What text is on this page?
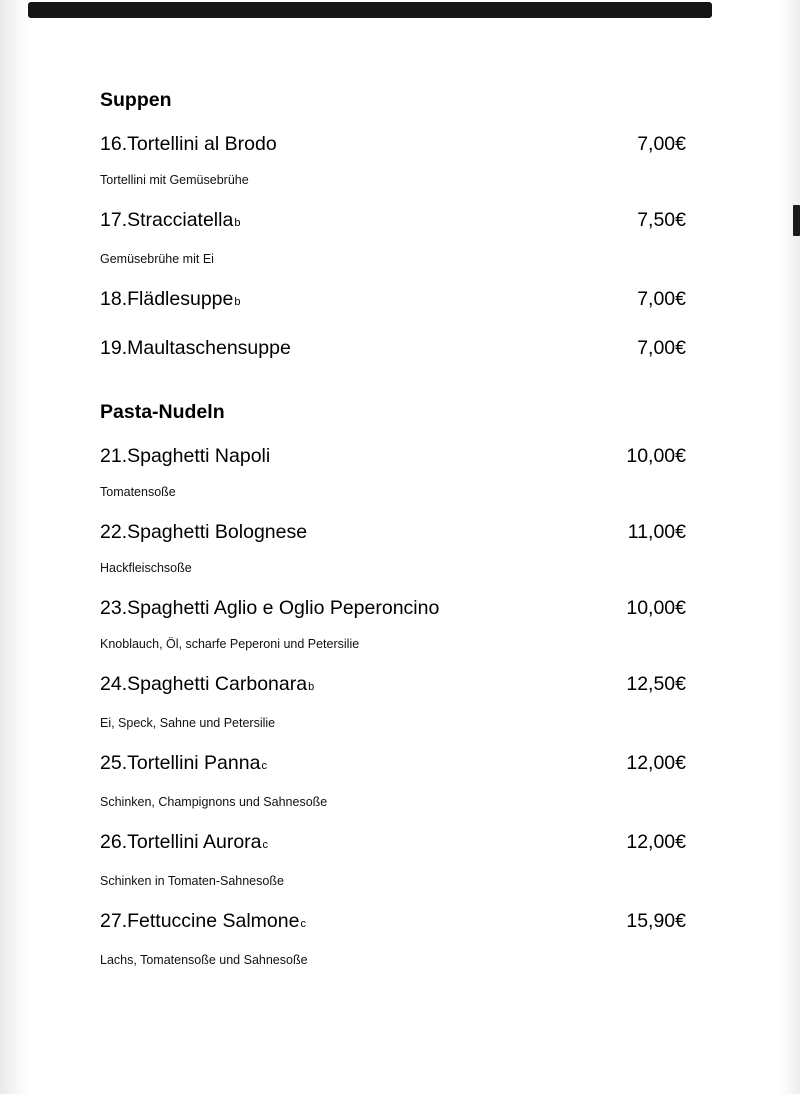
Suppen
16.Tortellini al Brodo	7,00€
Tortellini mit Gemüsebrühe
17.Stracciatellab	7,50€
Gemüsebrühe mit Ei
18.Flädlesuppeb	7,00€
19.Maultaschensuppe	7,00€
Pasta-Nudeln
21.Spaghetti Napoli	10,00€
Tomatensoße
22.Spaghetti Bolognese	11,00€
Hackfleischsoße
23.Spaghetti Aglio e Oglio Peperoncino	10,00€
Knoblauch, Öl, scharfe Peperoni und Petersilie
24.Spaghetti Carbonarab	12,50€
Ei, Speck, Sahne und Petersilie
25.Tortellini Pannac	12,00€
Schinken, Champignons und Sahnesoße
26.Tortellini Aurorac	12,00€
Schinken in Tomaten-Sahnesoße
27.Fettuccine Salmonec	15,90€
Lachs, Tomatensoße und Sahnesoße
